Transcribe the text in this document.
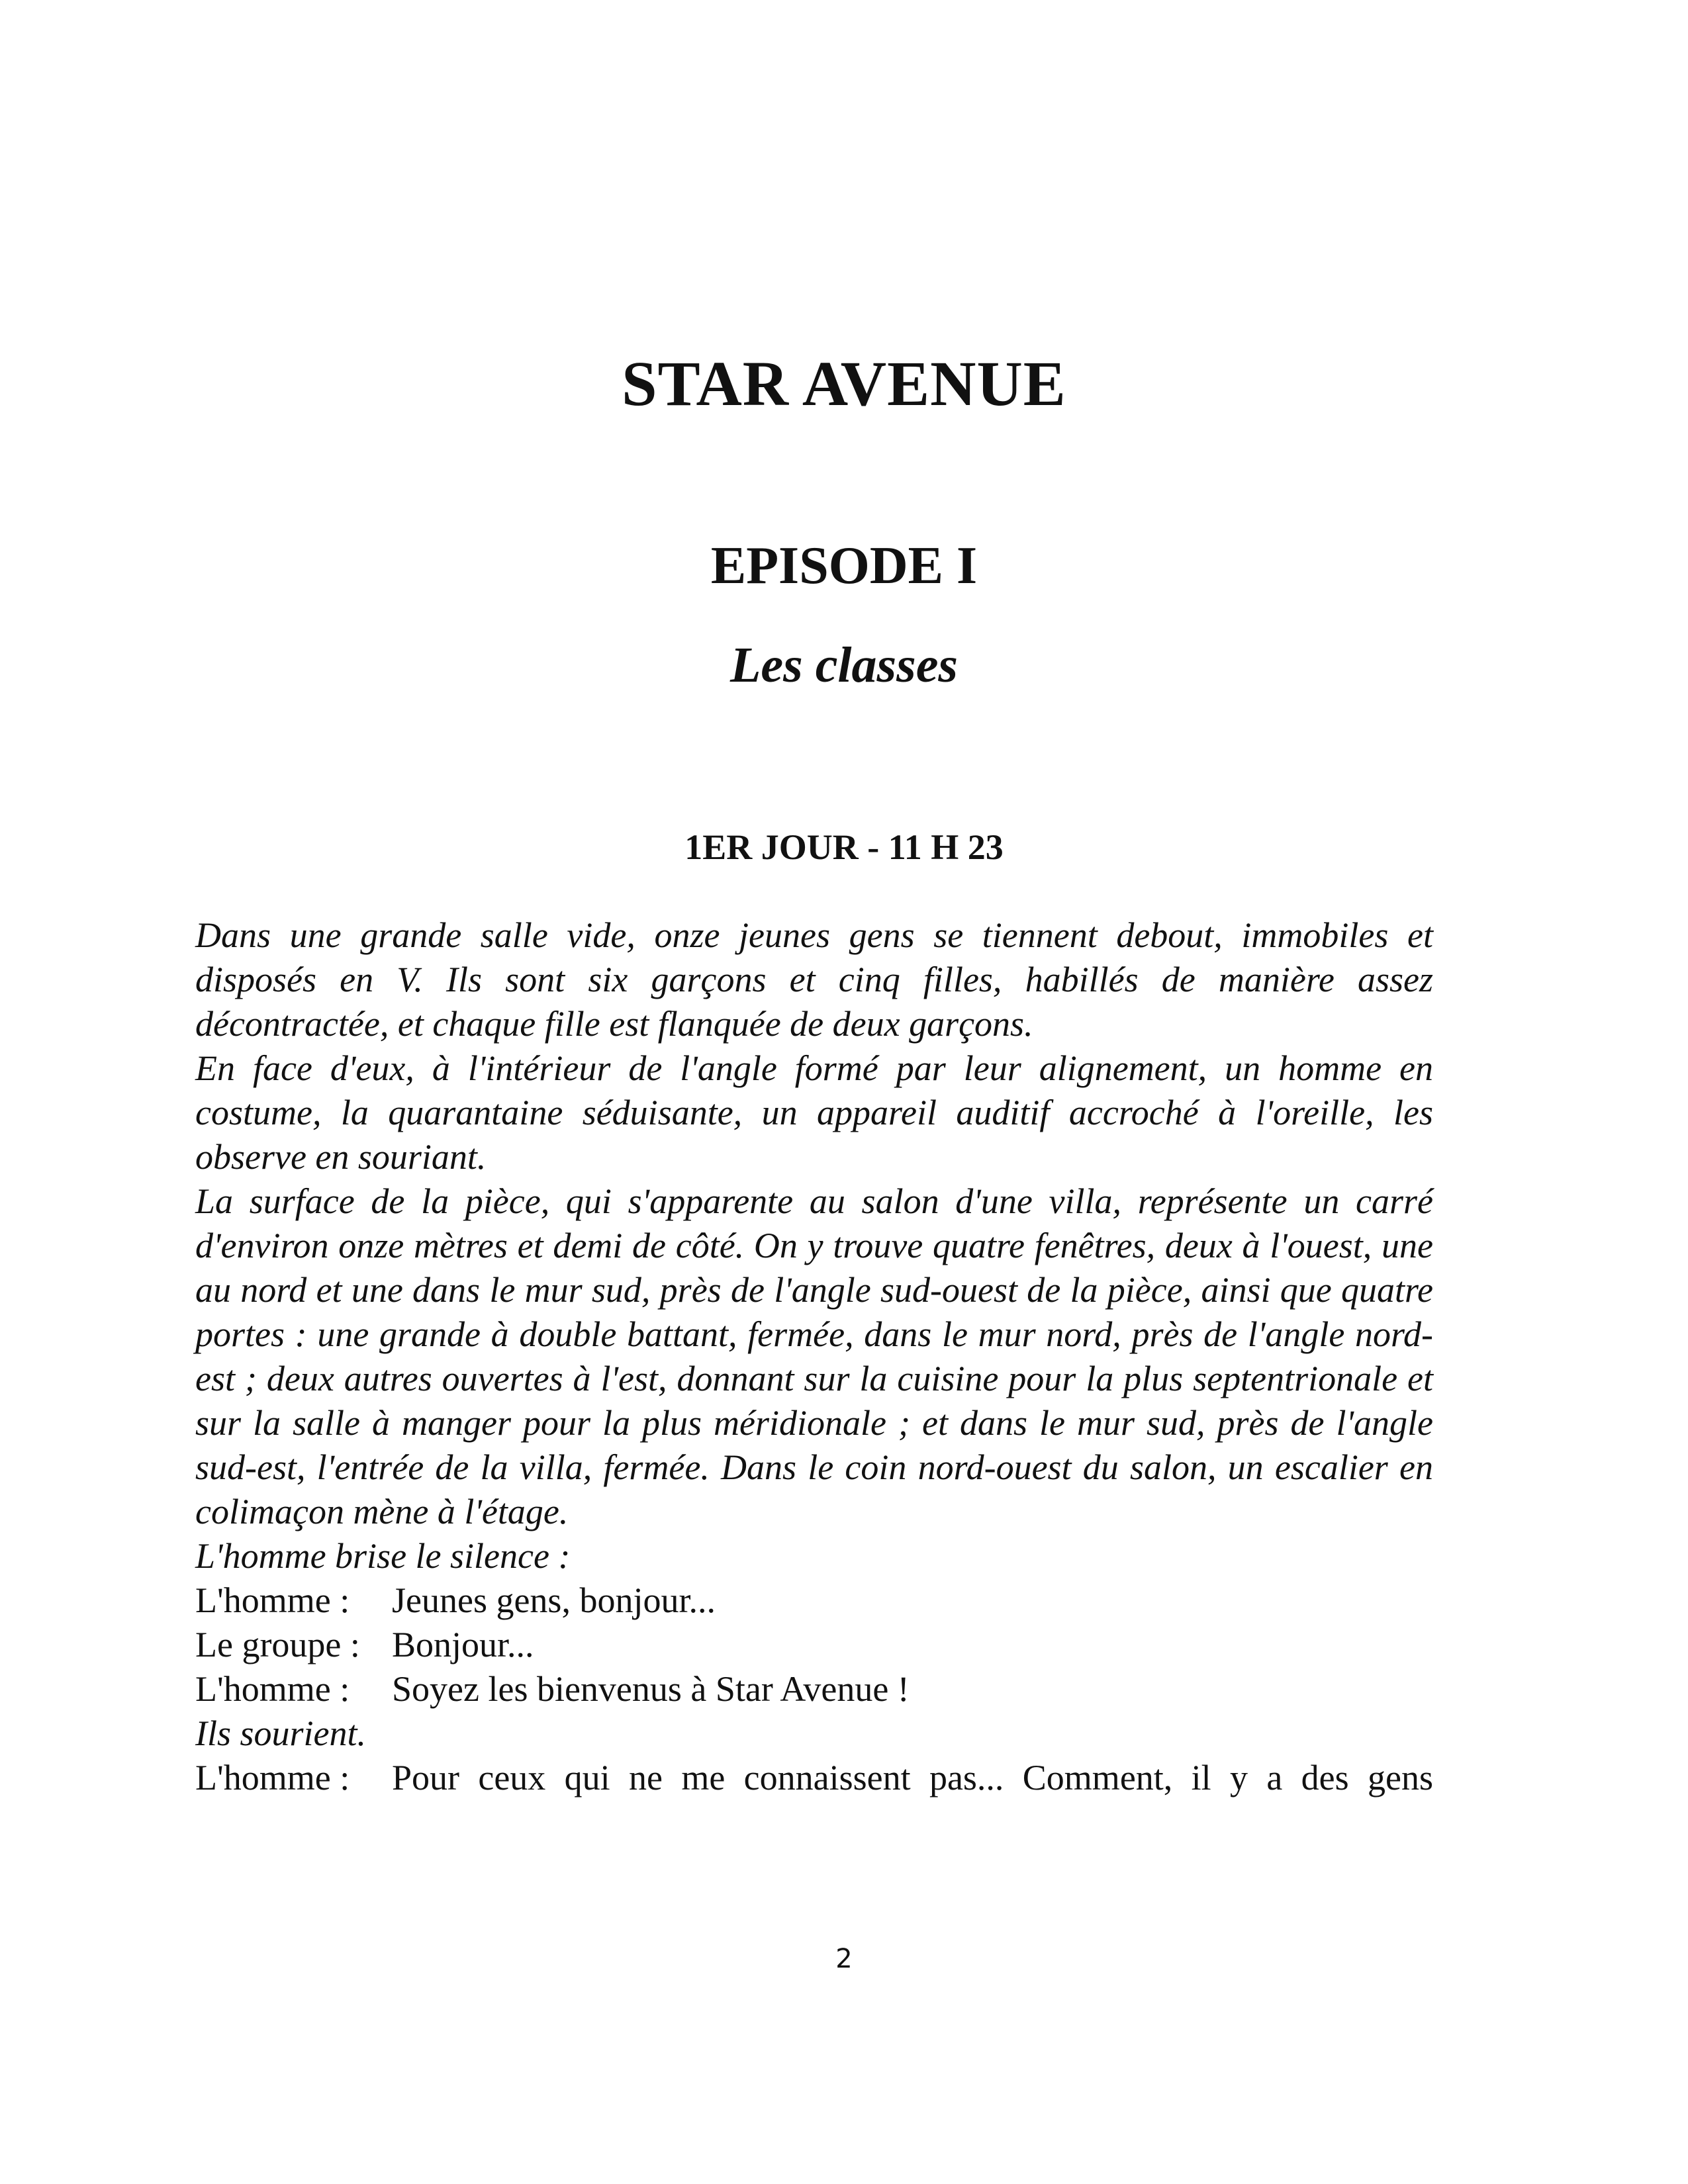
STAR AVENUE
EPISODE I
Les classes
1ER JOUR - 11 H 23

Dans une grande salle vide, onze jeunes gens se tiennent debout, immobiles et disposés en V. Ils sont six garçons et cinq filles, habillés de manière assez décontractée, et chaque fille est flanquée de deux garçons.

En face d'eux, à l'intérieur de l'angle formé par leur alignement, un homme en costume, la quarantaine séduisante, un appareil auditif accroché à l'oreille, les observe en souriant.

La surface de la pièce, qui s'apparente au salon d'une villa, représente un carré d'environ onze mètres et demi de côté. On y trouve quatre fenêtres, deux à l'ouest, une au nord et une dans le mur sud, près de l'angle sud-ouest de la pièce, ainsi que quatre portes : une grande à double battant, fermée, dans le mur nord, près de l'angle nord-est ; deux autres ouvertes à l'est, donnant sur la cuisine pour la plus septentrionale et sur la salle à manger pour la plus méridionale ; et dans le mur sud, près de l'angle sud-est, l'entrée de la villa, fermée. Dans le coin nord-ouest du salon, un escalier en colimaçon mène à l'étage.

L'homme brise le silence :

L'homme :	Jeunes gens, bonjour...
Le groupe : Bonjour...
L'homme :	Soyez les bienvenus à Star Avenue !

Ils sourient.

L'homme :	Pour ceux qui ne me connaissent pas... Comment, il y a des gens
2
